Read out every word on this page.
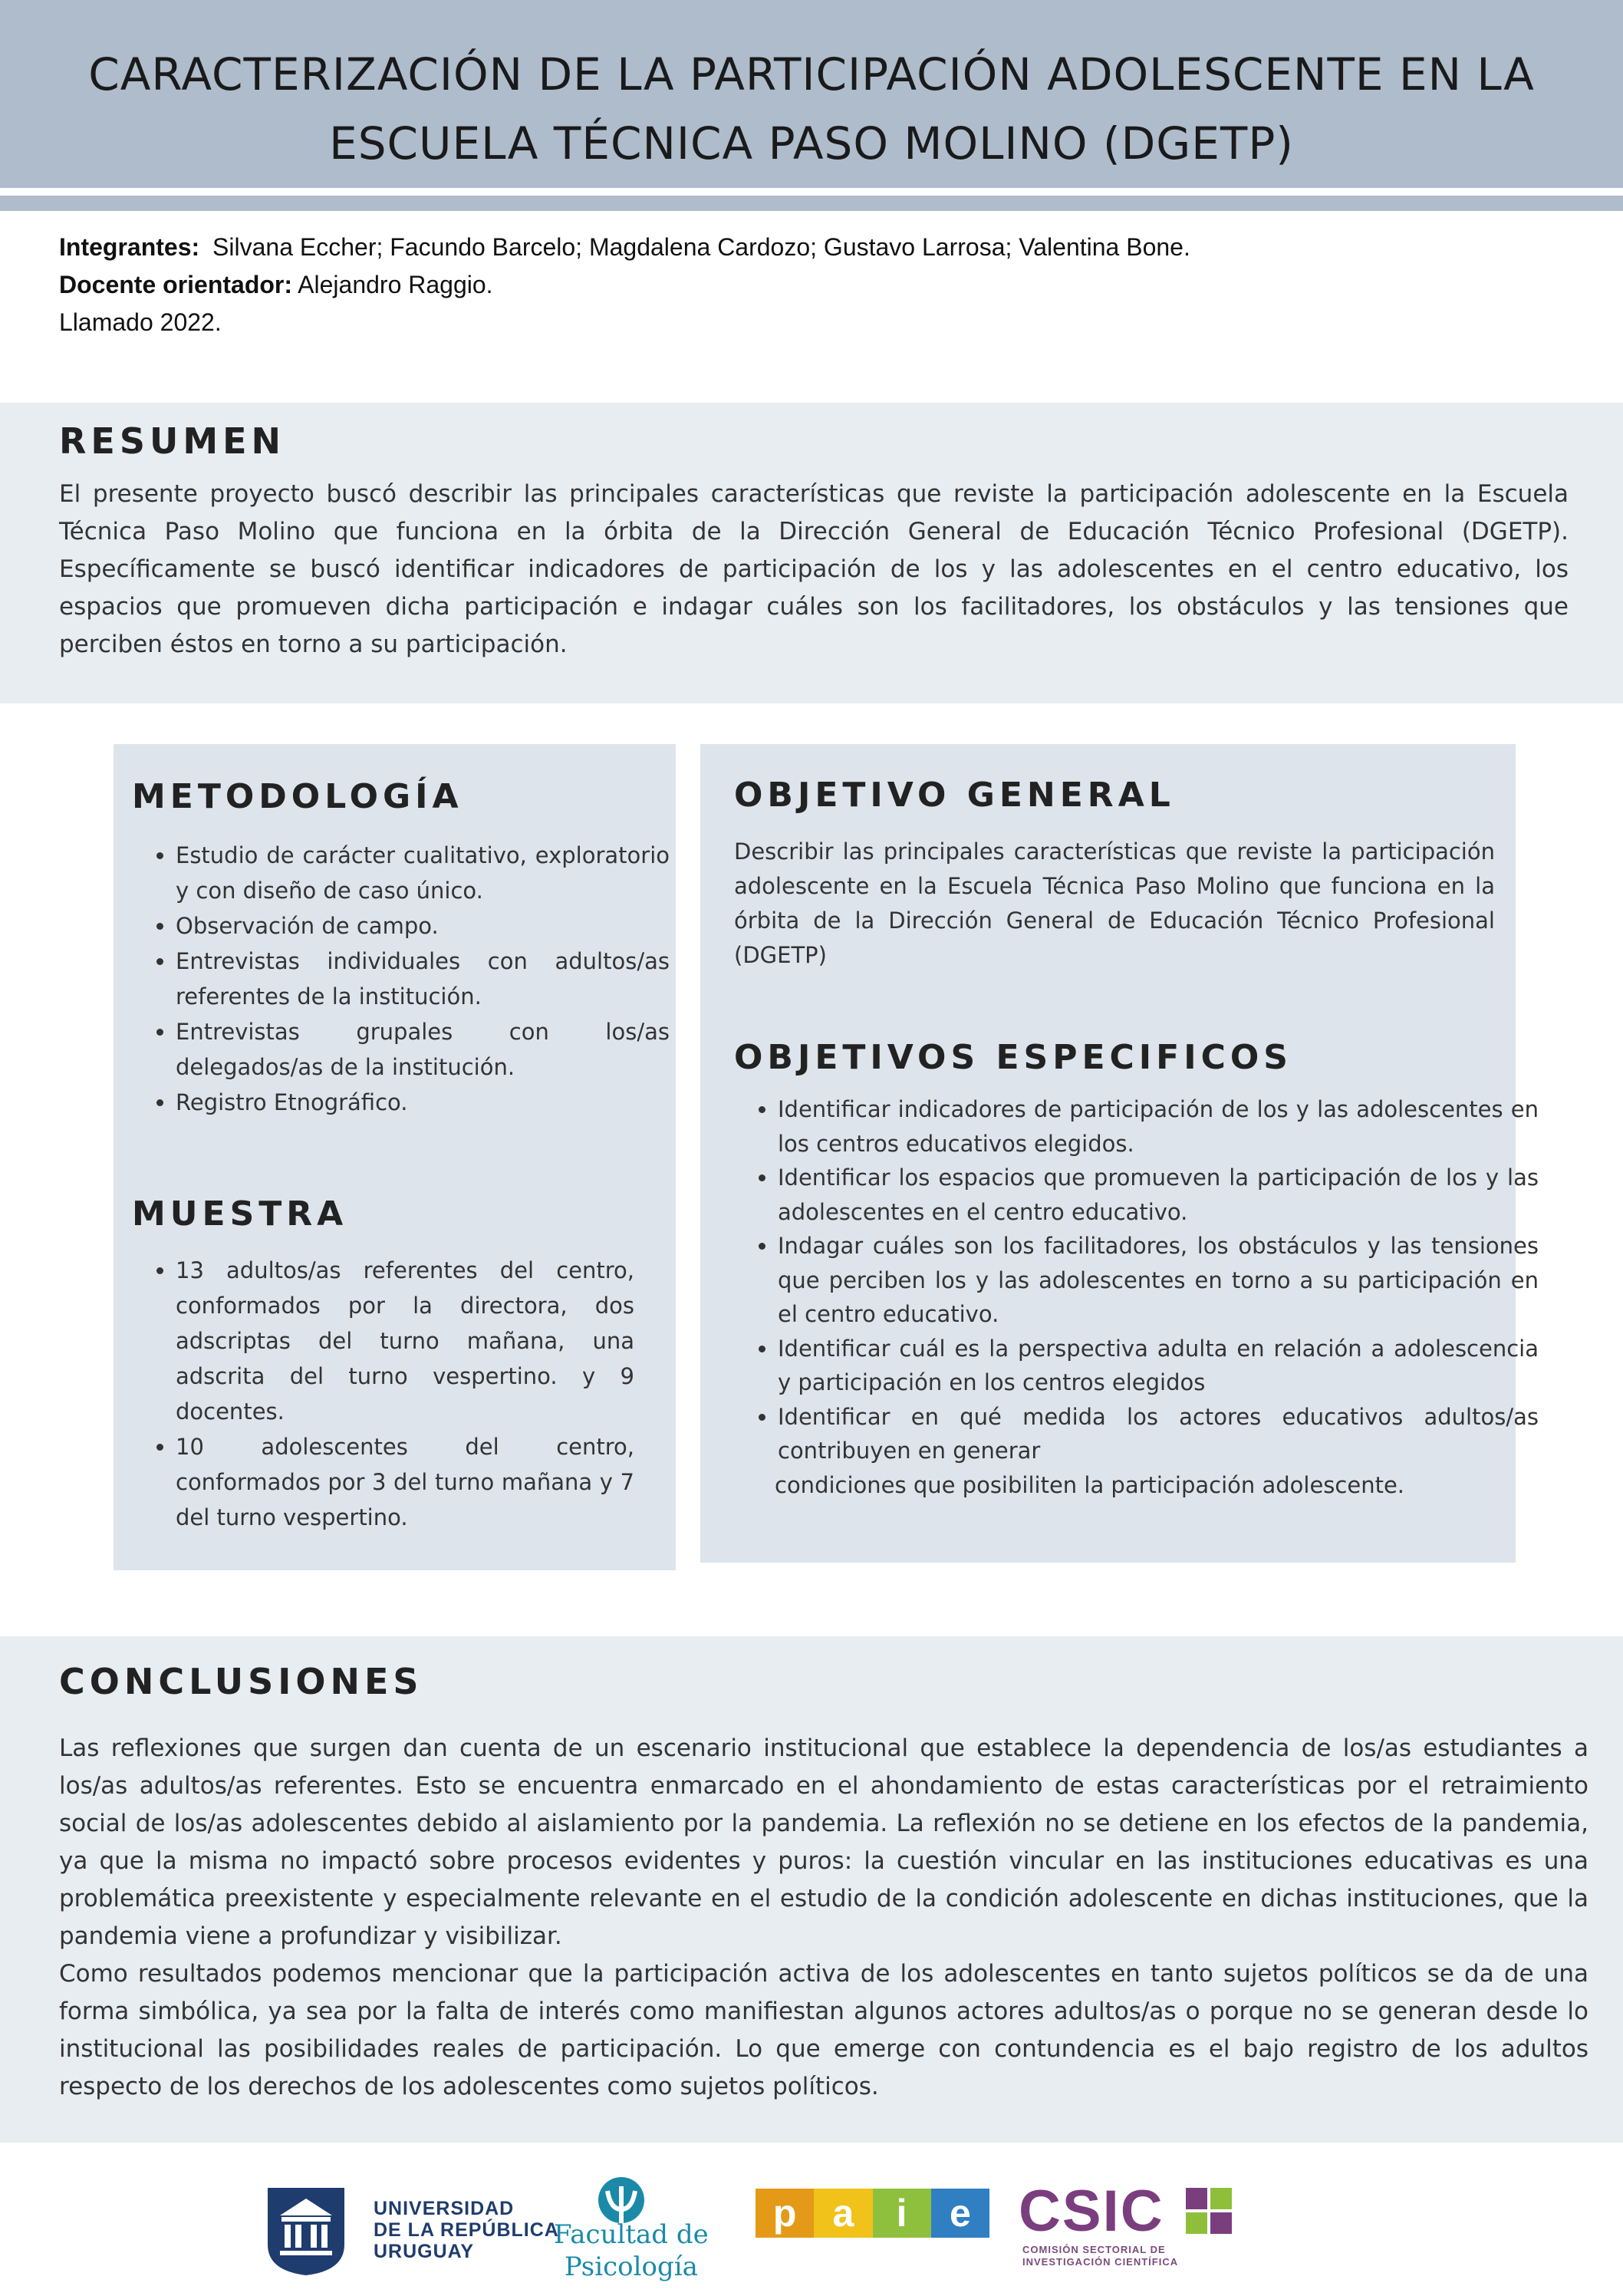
CARACTERIZACIÓN DE LA PARTICIPACIÓN ADOLESCENTE EN LA
ESCUELA TÉCNICA PASO MOLINO (DGETP)
Integrantes: Silvana Eccher; Facundo Barcelo; Magdalena Cardozo; Gustavo Larrosa; Valentina Bone.
Docente orientador: Alejandro Raggio.
Llamado 2022.
RESUMEN

El presente proyecto buscó describir las principales características que reviste la participación adolescente en la Escuela Técnica Paso Molino que funciona en la órbita de la Dirección General de Educación Técnico Profesional (DGETP). Específicamente se buscó identificar indicadores de participación de los y las adolescentes en el centro educativo, los espacios que promueven dicha participación e indagar cuáles son los facilitadores, los obstáculos y las tensiones que perciben éstos en torno a su participación.

METODOLOGÍA
• Estudio de carácter cualitativo, exploratorio y con diseño de caso único.
• Observación de campo.
• Entrevistas individuales con adultos/as referentes de la institución.
• Entrevistas grupales con los/as delegados/as de la institución.
• Registro Etnográfico.
MUESTRA
• 13 adultos/as referentes del centro, conformados por la directora, dos adscriptas del turno mañana, una adscrita del turno vespertino. y 9 docentes.
• 10 adolescentes del centro, conformados por 3 del turno mañana y 7 del turno vespertino.
OBJETIVO GENERAL

Describir las principales características que reviste la participación adolescente en la Escuela Técnica Paso Molino que funciona en la órbita de la Dirección General de Educación Técnico Profesional (DGETP)

OBJETIVOS ESPECIFICOS
• Identificar indicadores de participación de los y las adolescentes en los centros educativos elegidos.
• Identificar los espacios que promueven la participación de los y las adolescentes en el centro educativo.
• Indagar cuáles son los facilitadores, los obstáculos y las tensiones que perciben los y las adolescentes en torno a su participación en el centro educativo.
• Identificar cuál es la perspectiva adulta en relación a adolescencia y participación en los centros elegidos
• Identificar en qué medida los actores educativos adultos/as contribuyen en generar
condiciones que posibiliten la participación adolescente.
CONCLUSIONES

Las reflexiones que surgen dan cuenta de un escenario institucional que establece la dependencia de los/as estudiantes a los/as adultos/as referentes. Esto se encuentra enmarcado en el ahondamiento de estas características por el retraimiento social de los/as adolescentes debido al aislamiento por la pandemia. La reflexión no se detiene en los efectos de la pandemia, ya que la misma no impactó sobre procesos evidentes y puros: la cuestión vincular en las instituciones educativas es una problemática preexistente y especialmente relevante en el estudio de la condición adolescente en dichas instituciones, que la pandemia viene a profundizar y visibilizar.

Como resultados podemos mencionar que la participación activa de los adolescentes en tanto sujetos políticos se da de una forma simbólica, ya sea por la falta de interés como manifiestan algunos actores adultos/as o porque no se generan desde lo institucional las posibilidades reales de participación. Lo que emerge con contundencia es el bajo registro de los adultos respecto de los derechos de los adolescentes como sujetos políticos.

UNIVERSIDAD
DE LA REPÚBLICA
URUGUAY
Facultad de
Psicología
p a	i	e CSIC
COMISIÓN SECTORIAL DE
INVESTIGACIÓN CIENTÍFICA
